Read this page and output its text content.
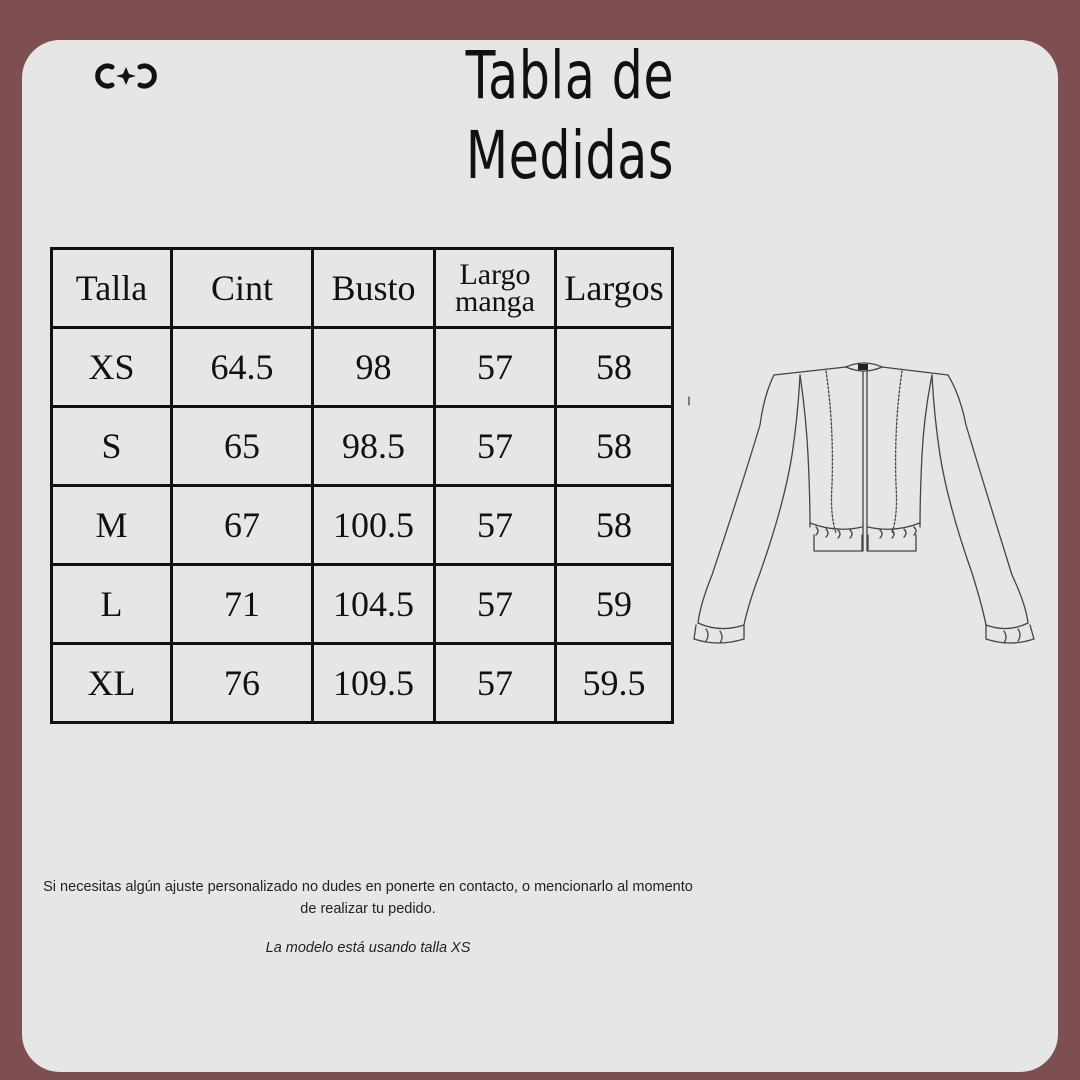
Tabla de Medidas
Talla	Cint	Busto	Largo manga	Largos
XS	64.5	98	57	58
S	65	98.5	57	58
M	67	100.5	57	58
L	71	104.5	57	59
XL	76	109.5	57	59.5
Si necesitas algún ajuste personalizado no dudes en ponerte en contacto, o mencionarlo al momento de realizar tu pedido.
La modelo está usando talla XS
